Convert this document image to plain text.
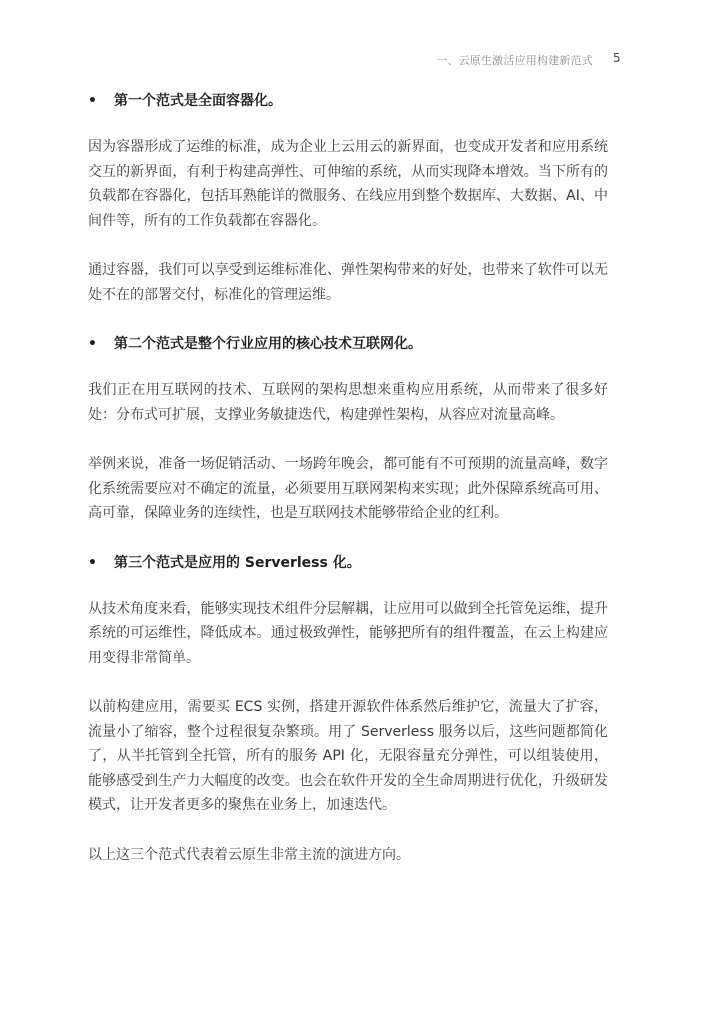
一、云原生激活应用构建新范式 5

• 第一个范式是全面容器化。

因为容器形成了运维的标准，成为企业上云用云的新界面，也变成开发者和应用系统交互的新界面，有利于构建高弹性、可伸缩的系统，从而实现降本增效。当下所有的负载都在容器化，包括耳熟能详的微服务、在线应用到整个数据库、大数据、AI、中间件等，所有的工作负载都在容器化。

通过容器，我们可以享受到运维标准化、弹性架构带来的好处，也带来了软件可以无处不在的部署交付，标准化的管理运维。

• 第二个范式是整个行业应用的核心技术互联网化。

我们正在用互联网的技术、互联网的架构思想来重构应用系统，从而带来了很多好处：分布式可扩展，支撑业务敏捷迭代，构建弹性架构，从容应对流量高峰。

举例来说，准备一场促销活动、一场跨年晚会，都可能有不可预期的流量高峰，数字化系统需要应对不确定的流量，必须要用互联网架构来实现；此外保障系统高可用、高可靠，保障业务的连续性，也是互联网技术能够带给企业的红利。

• 第三个范式是应用的 Serverless 化。

从技术角度来看，能够实现技术组件分层解耦，让应用可以做到全托管免运维，提升系统的可运维性，降低成本。通过极致弹性，能够把所有的组件覆盖，在云上构建应用变得非常简单。

以前构建应用，需要买 ECS 实例，搭建开源软件体系然后维护它，流量大了扩容，流量小了缩容，整个过程很复杂繁琐。用了 Serverless 服务以后，这些问题都简化了，从半托管到全托管，所有的服务 API 化，无限容量充分弹性，可以组装使用，能够感受到生产力大幅度的改变。也会在软件开发的全生命周期进行优化，升级研发模式，让开发者更多的聚焦在业务上，加速迭代。

以上这三个范式代表着云原生非常主流的演进方向。
